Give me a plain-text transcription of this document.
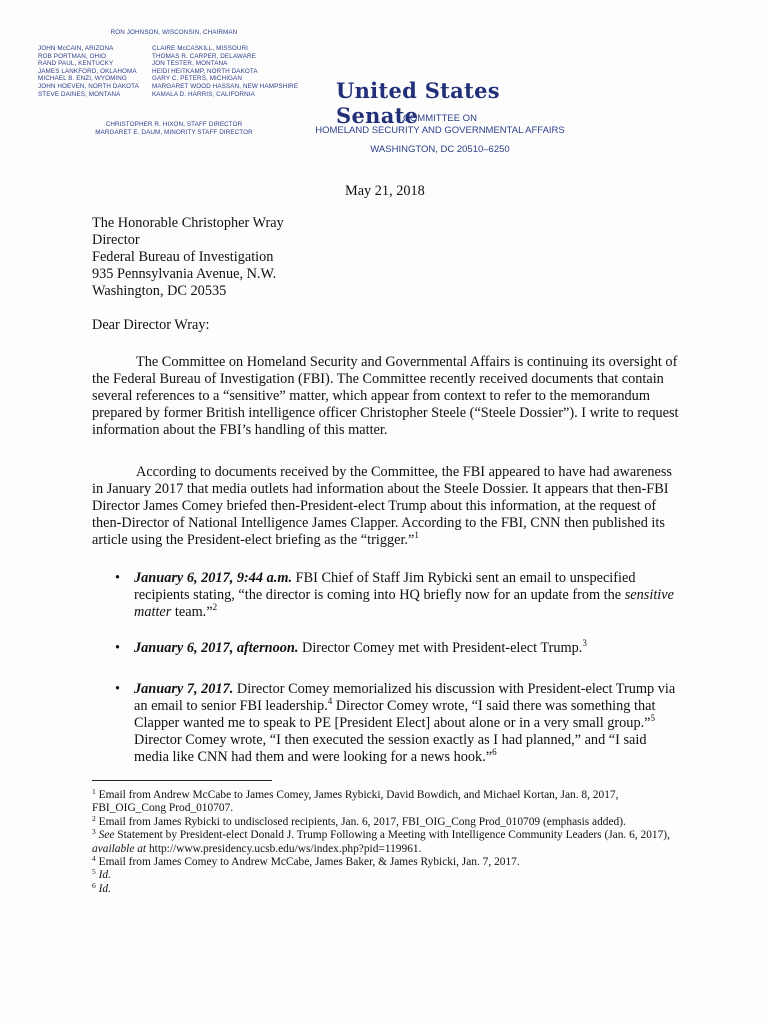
RON JOHNSON, WISCONSIN, CHAIRMAN
JOHN McCAIN, ARIZONA
ROB PORTMAN, OHIO
RAND PAUL, KENTUCKY
JAMES LANKFORD, OKLAHOMA
MICHAEL B. ENZI, WYOMING
JOHN HOEVEN, NORTH DAKOTA
STEVE DAINES, MONTANA
CLAIRE McCASKILL, MISSOURI
THOMAS R. CARPER, DELAWARE
JON TESTER, MONTANA
HEIDI HEITKAMP, NORTH DAKOTA
GARY C. PETERS, MICHIGAN
MARGARET WOOD HASSAN, NEW HAMPSHIRE
KAMALA D. HARRIS, CALIFORNIA
CHRISTOPHER R. HIXON, STAFF DIRECTOR
MARGARET E. DAUM, MINORITY STAFF DIRECTOR
United States Senate
COMMITTEE ON
HOMELAND SECURITY AND GOVERNMENTAL AFFAIRS
WASHINGTON, DC 20510–6250
May 21, 2018
The Honorable Christopher Wray
Director
Federal Bureau of Investigation
935 Pennsylvania Avenue, N.W.
Washington, DC 20535
Dear Director Wray:

The Committee on Homeland Security and Governmental Affairs is continuing its oversight of the Federal Bureau of Investigation (FBI). The Committee recently received documents that contain several references to a “sensitive” matter, which appear from context to refer to the memorandum prepared by former British intelligence officer Christopher Steele (“Steele Dossier”). I write to request information about the FBI’s handling of this matter.

According to documents received by the Committee, the FBI appeared to have had awareness in January 2017 that media outlets had information about the Steele Dossier. It appears that then-FBI Director James Comey briefed then-President-elect Trump about this information, at the request of then-Director of National Intelligence James Clapper. According to the FBI, CNN then published its article using the President-elect briefing as the “trigger.”$^1$

• January 6, 2017, 9:44 a.m. FBI Chief of Staff Jim Rybicki sent an email to unspecified recipients stating, “the director is coming into HQ briefly now for an update from the sensitive matter team.”$^2$
• January 6, 2017, afternoon. Director Comey met with President-elect Trump.$^3$
• January 7, 2017. Director Comey memorialized his discussion with President-elect Trump via an email to senior FBI leadership.$^4$ Director Comey wrote, “I said there was something that Clapper wanted me to speak to PE [President Elect] about alone or in a very small group.”$^5$ Director Comey wrote, “I then executed the session exactly as I had planned,” and “I said media like CNN had them and were looking for a news hook.”$^6$

$^1$ Email from Andrew McCabe to James Comey, James Rybicki, David Bowdich, and Michael Kortan, Jan. 8, 2017, FBI_OIG_Cong Prod_010707.

$^2$ Email from James Rybicki to undisclosed recipients, Jan. 6, 2017, FBI_OIG_Cong Prod_010709 (emphasis added).

$^3$ See Statement by President-elect Donald J. Trump Following a Meeting with Intelligence Community Leaders (Jan. 6, 2017), available at http://www.presidency.ucsb.edu/ws/index.php?pid=119961.

$^4$ Email from James Comey to Andrew McCabe, James Baker, & James Rybicki, Jan. 7, 2017.

$^5$ Id.

$^6$ Id.
